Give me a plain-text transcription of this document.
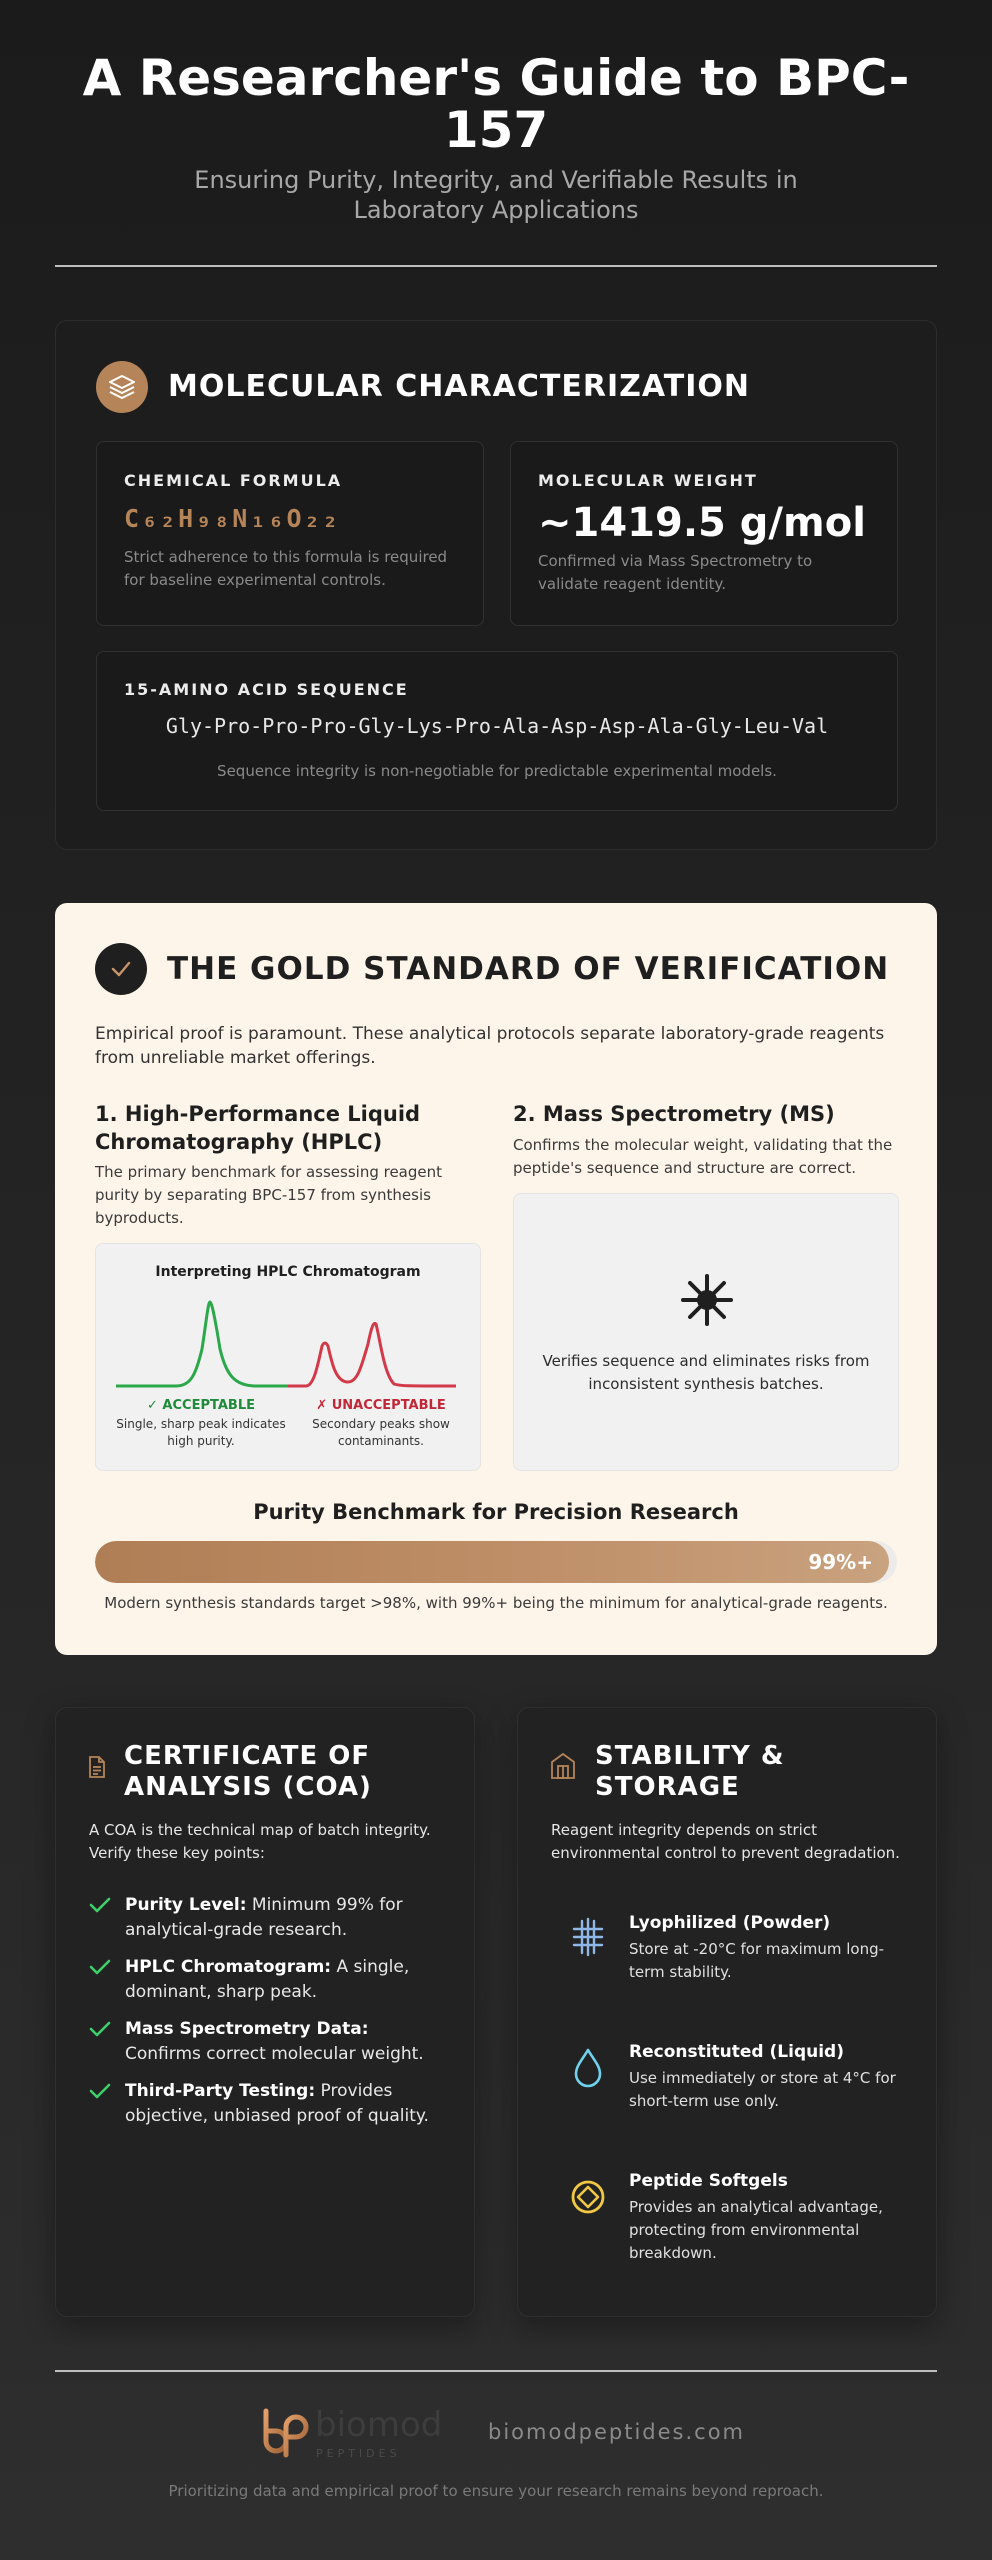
A Researcher's Guide to BPC-157

Ensuring Purity, Integrity, and Verifiable Results in Laboratory Applications

MOLECULAR CHARACTERIZATION
CHEMICAL FORMULA
C₆₂H₉₈N₁₆O₂₂
Strict adherence to this formula is required for baseline experimental controls.
MOLECULAR WEIGHT
~1419.5 g/mol
Confirmed via Mass Spectrometry to validate reagent identity.
15-AMINO ACID SEQUENCE
Gly-Pro-Pro-Pro-Gly-Lys-Pro-Ala-Asp-Asp-Ala-Gly-Leu-Val
Sequence integrity is non-negotiable for predictable experimental models.
THE GOLD STANDARD OF VERIFICATION

Empirical proof is paramount. These analytical protocols separate laboratory-grade reagents from unreliable market offerings.

1. High-Performance Liquid Chromatography (HPLC)

The primary benchmark for assessing reagent purity by separating BPC-157 from synthesis byproducts.

Interpreting HPLC Chromatogram
✓ ACCEPTABLE
Single, sharp peak indicates high purity.
✗ UNACCEPTABLE
Secondary peaks show contaminants.
2. Mass Spectrometry (MS)

Confirms the molecular weight, validating that the peptide's sequence and structure are correct.

Verifies sequence and eliminates risks from inconsistent synthesis batches.
Purity Benchmark for Precision Research
99%+

Modern synthesis standards target >98%, with 99%+ being the minimum for analytical-grade reagents.

CERTIFICATE OF ANALYSIS (COA)

A COA is the technical map of batch integrity. Verify these key points:

Purity Level: Minimum 99% for analytical-grade research.
HPLC Chromatogram: A single, dominant, sharp peak.
Mass Spectrometry Data: Confirms correct molecular weight.
Third-Party Testing: Provides objective, unbiased proof of quality.
STABILITY & STORAGE

Reagent integrity depends on strict environmental control to prevent degradation.

Lyophilized (Powder)
Store at -20°C for maximum long-term stability.
Reconstituted (Liquid)
Use immediately or store at 4°C for short-term use only.
Peptide Softgels
Provides an analytical advantage, protecting from environmental breakdown.
biomod
PEPTIDES
biomodpeptides.com

Prioritizing data and empirical proof to ensure your research remains beyond reproach.
